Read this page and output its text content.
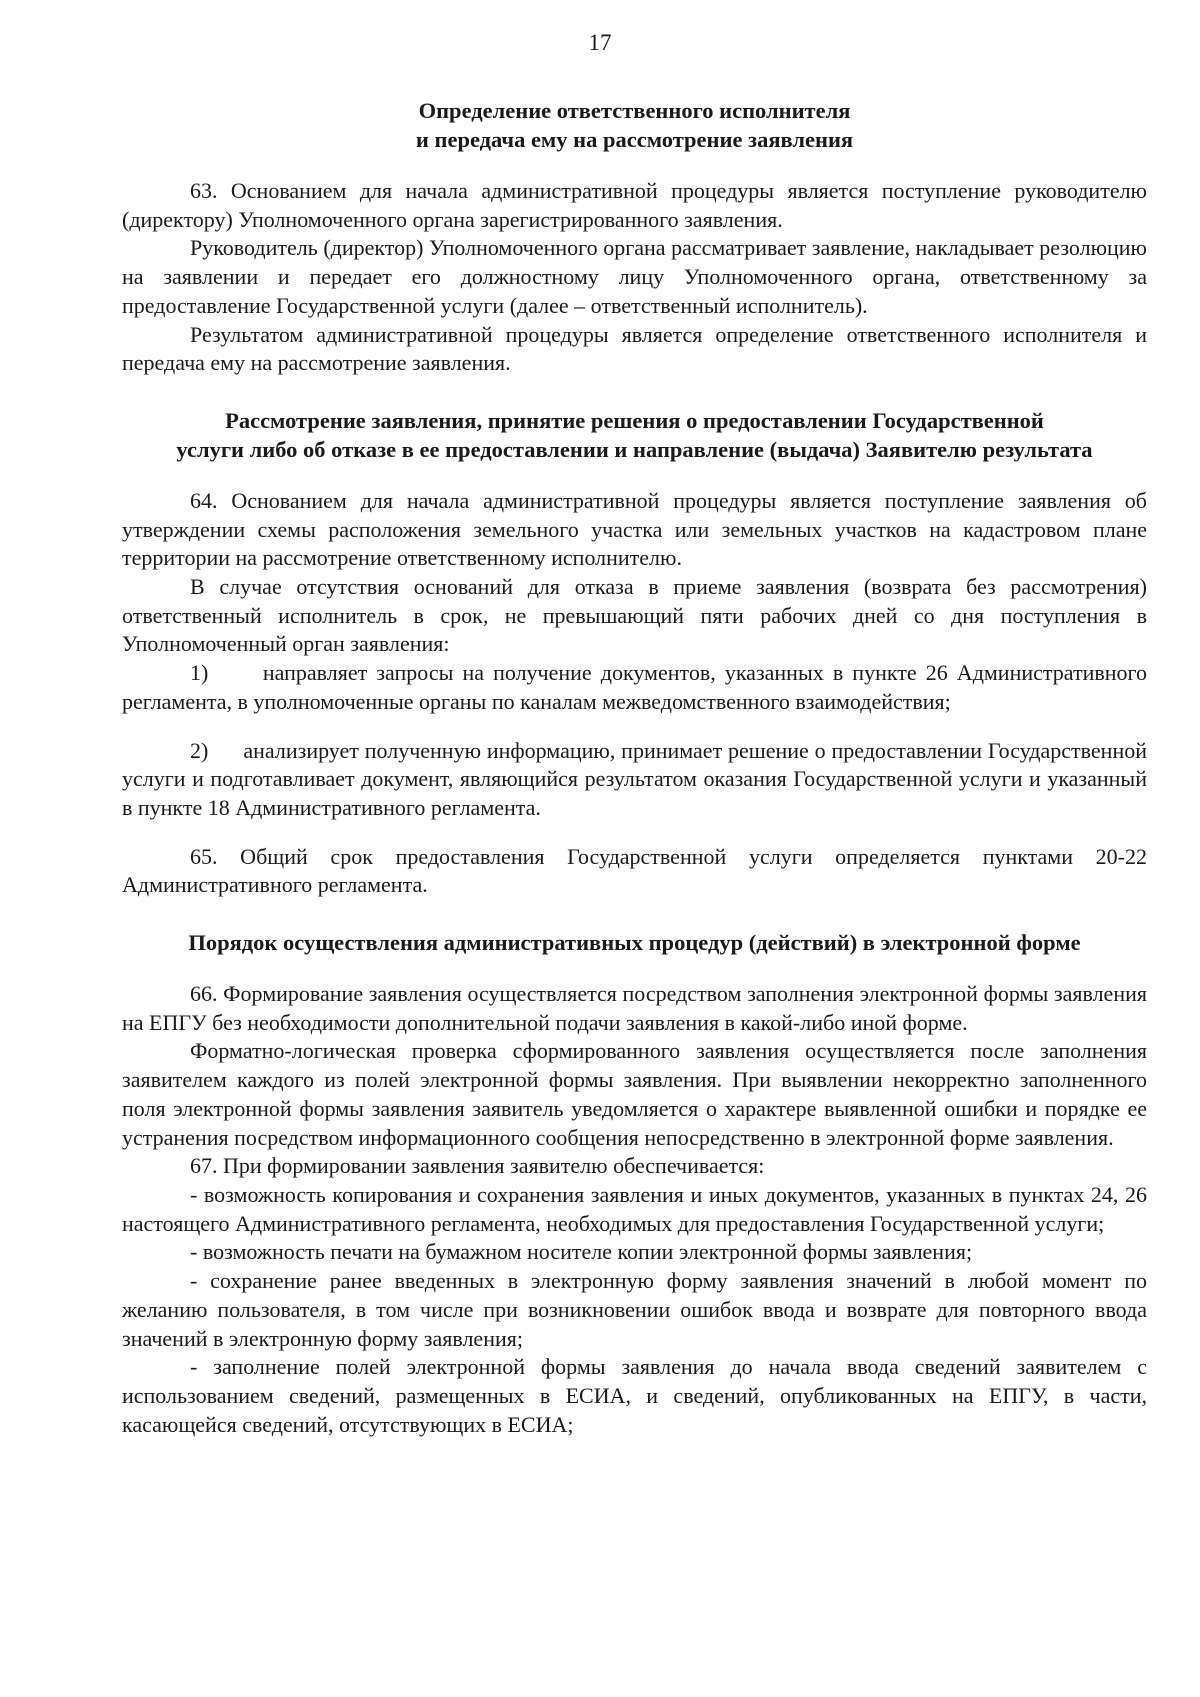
17
Определение ответственного исполнителя
и передача ему на рассмотрение заявления

63. Основанием для начала административной процедуры является поступление руководителю (директору) Уполномоченного органа зарегистрированного заявления.

Руководитель (директор) Уполномоченного органа рассматривает заявление, накладывает резолюцию на заявлении и передает его должностному лицу Уполномоченного органа, ответственному за предоставление Государственной услуги (далее – ответственный исполнитель).

Результатом административной процедуры является определение ответственного исполнителя и передача ему на рассмотрение заявления.

Рассмотрение заявления, принятие решения о предоставлении Государственной
услуги либо об отказе в ее предоставлении и направление (выдача) Заявителю результата

64. Основанием для начала административной процедуры является поступление заявления об утверждении схемы расположения земельного участка или земельных участков на кадастровом плане территории на рассмотрение ответственному исполнителю.

В случае отсутствия оснований для отказа в приеме заявления (возврата без рассмотрения) ответственный исполнитель в срок, не превышающий пяти рабочих дней со дня поступления в Уполномоченный орган заявления:

1)      направляет запросы на получение документов, указанных в пункте 26 Административного регламента, в уполномоченные органы по каналам межведомственного взаимодействия;

2)      анализирует полученную информацию, принимает решение о предоставлении Государственной услуги и подготавливает документ, являющийся результатом оказания Государственной услуги и указанный в пункте 18 Административного регламента.

65. Общий срок предоставления Государственной услуги определяется пунктами 20-22 Административного регламента.

Порядок осуществления административных процедур (действий) в электронной форме

66. Формирование заявления осуществляется посредством заполнения электронной формы заявления на ЕПГУ без необходимости дополнительной подачи заявления в какой-либо иной форме.

Форматно-логическая проверка сформированного заявления осуществляется после заполнения заявителем каждого из полей электронной формы заявления. При выявлении некорректно заполненного поля электронной формы заявления заявитель уведомляется о характере выявленной ошибки и порядке ее устранения посредством информационного сообщения непосредственно в электронной форме заявления.

67. При формировании заявления заявителю обеспечивается:

- возможность копирования и сохранения заявления и иных документов, указанных в пунктах 24, 26 настоящего Административного регламента, необходимых для предоставления Государственной услуги;

- возможность печати на бумажном носителе копии электронной формы заявления;

- сохранение ранее введенных в электронную форму заявления значений в любой момент по желанию пользователя, в том числе при возникновении ошибок ввода и возврате для повторного ввода значений в электронную форму заявления;

- заполнение полей электронной формы заявления до начала ввода сведений заявителем с использованием сведений, размещенных в ЕСИА, и сведений, опубликованных на ЕПГУ, в части, касающейся сведений, отсутствующих в ЕСИА;
